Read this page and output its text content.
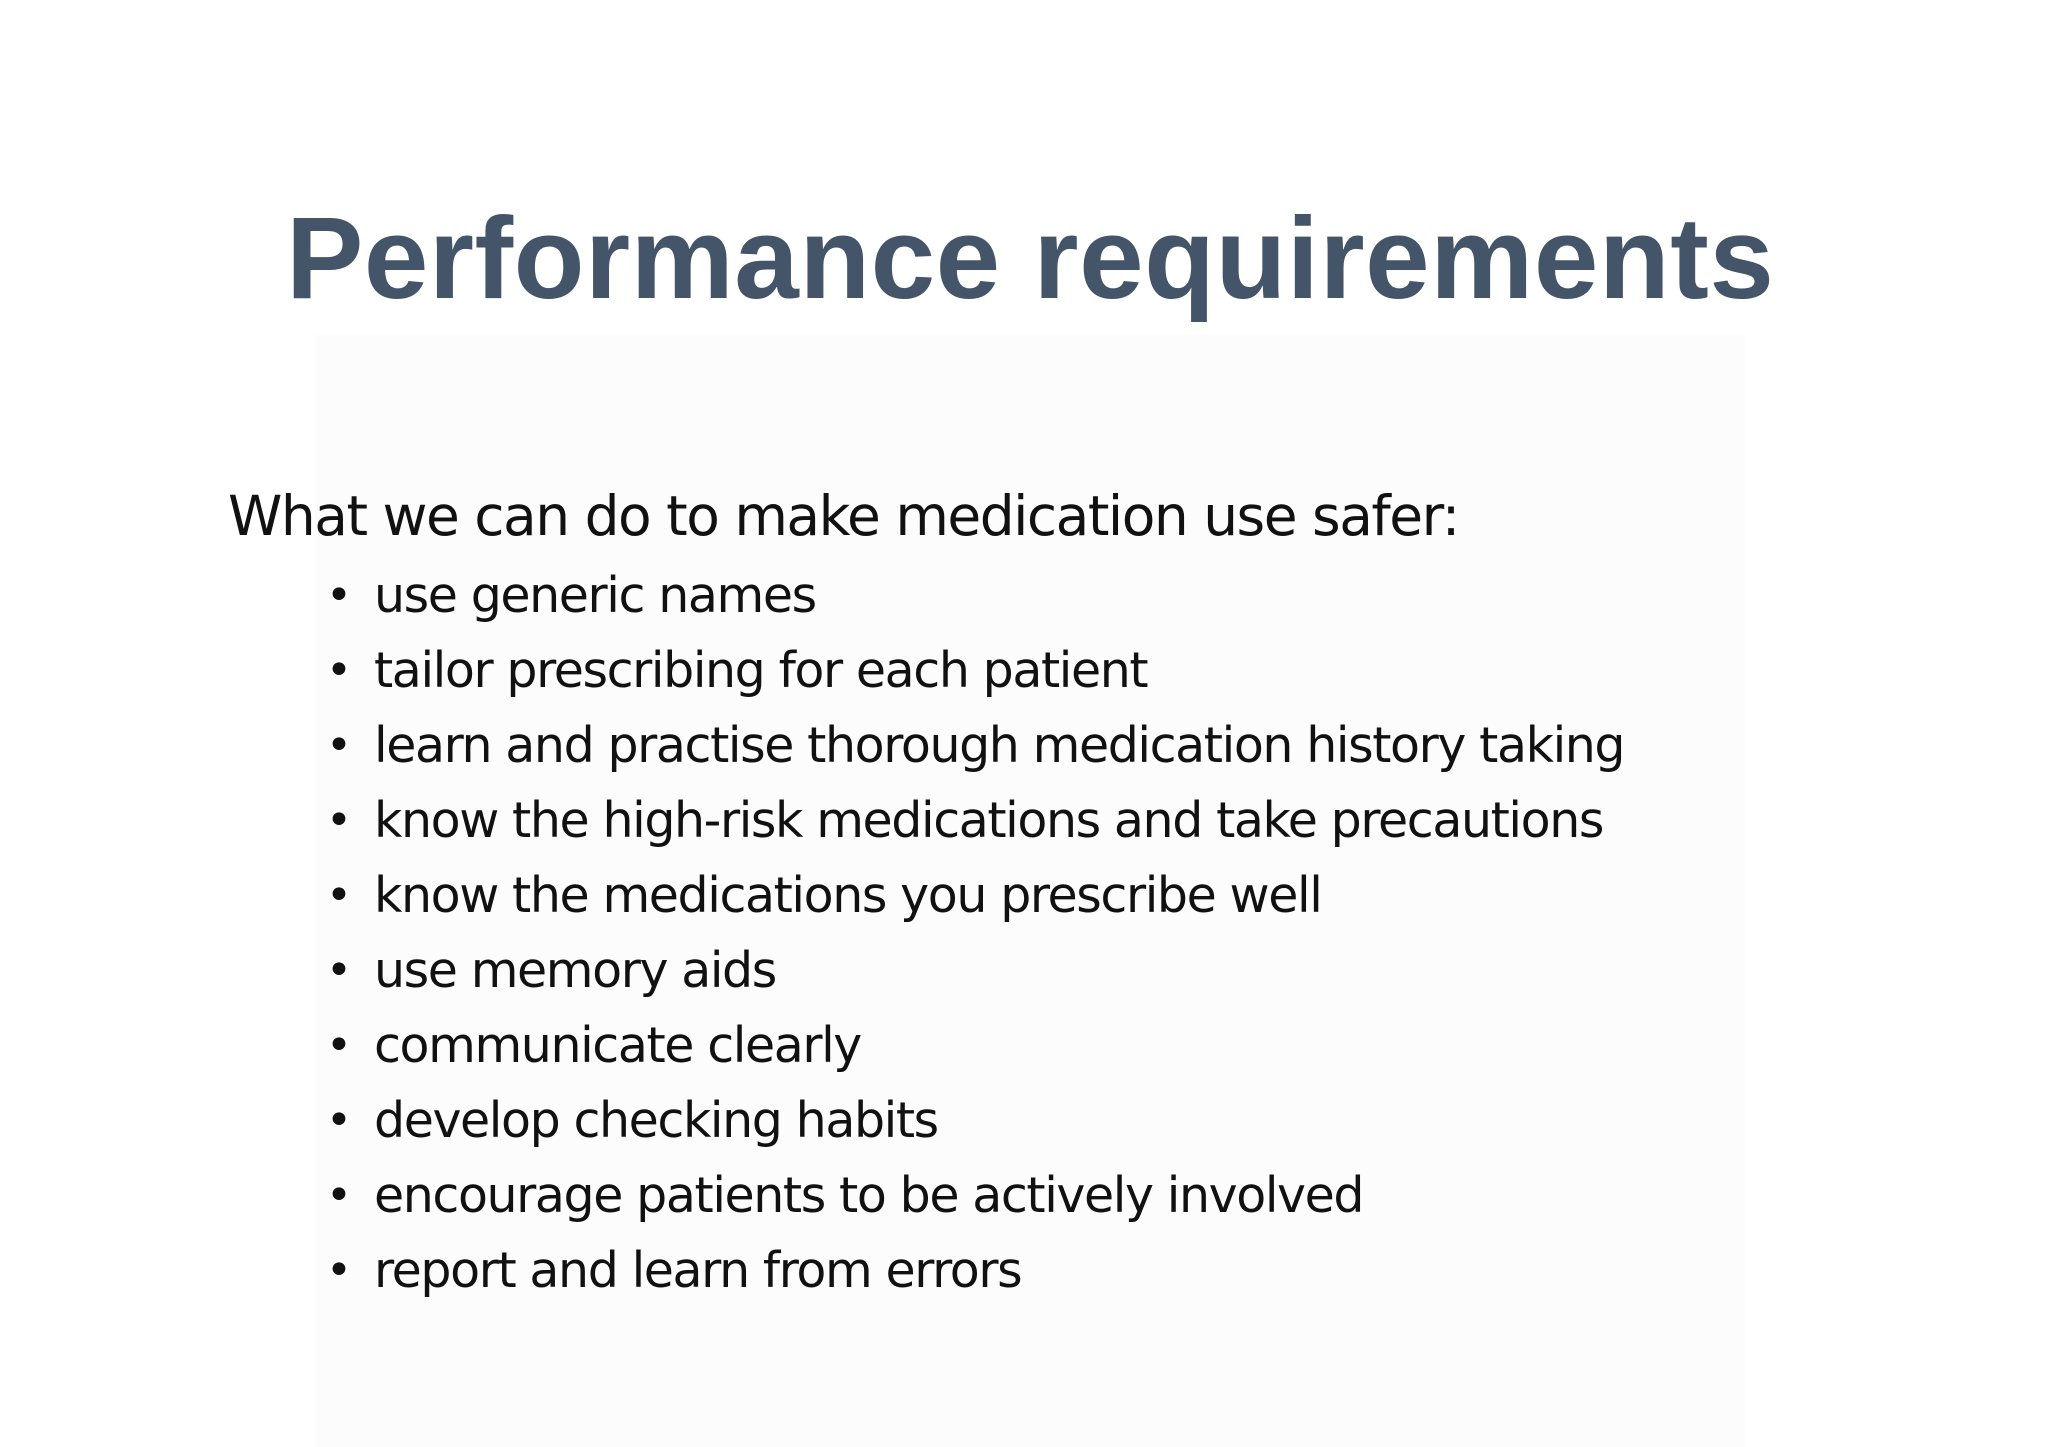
Performance requirements

What we can do to make medication use safer:

• use generic names
• tailor prescribing for each patient
• learn and practise thorough medication history taking
• know the high-risk medications and take precautions
• know the medications you prescribe well
• use memory aids
• communicate clearly
• develop checking habits
• encourage patients to be actively involved
• report and learn from errors
